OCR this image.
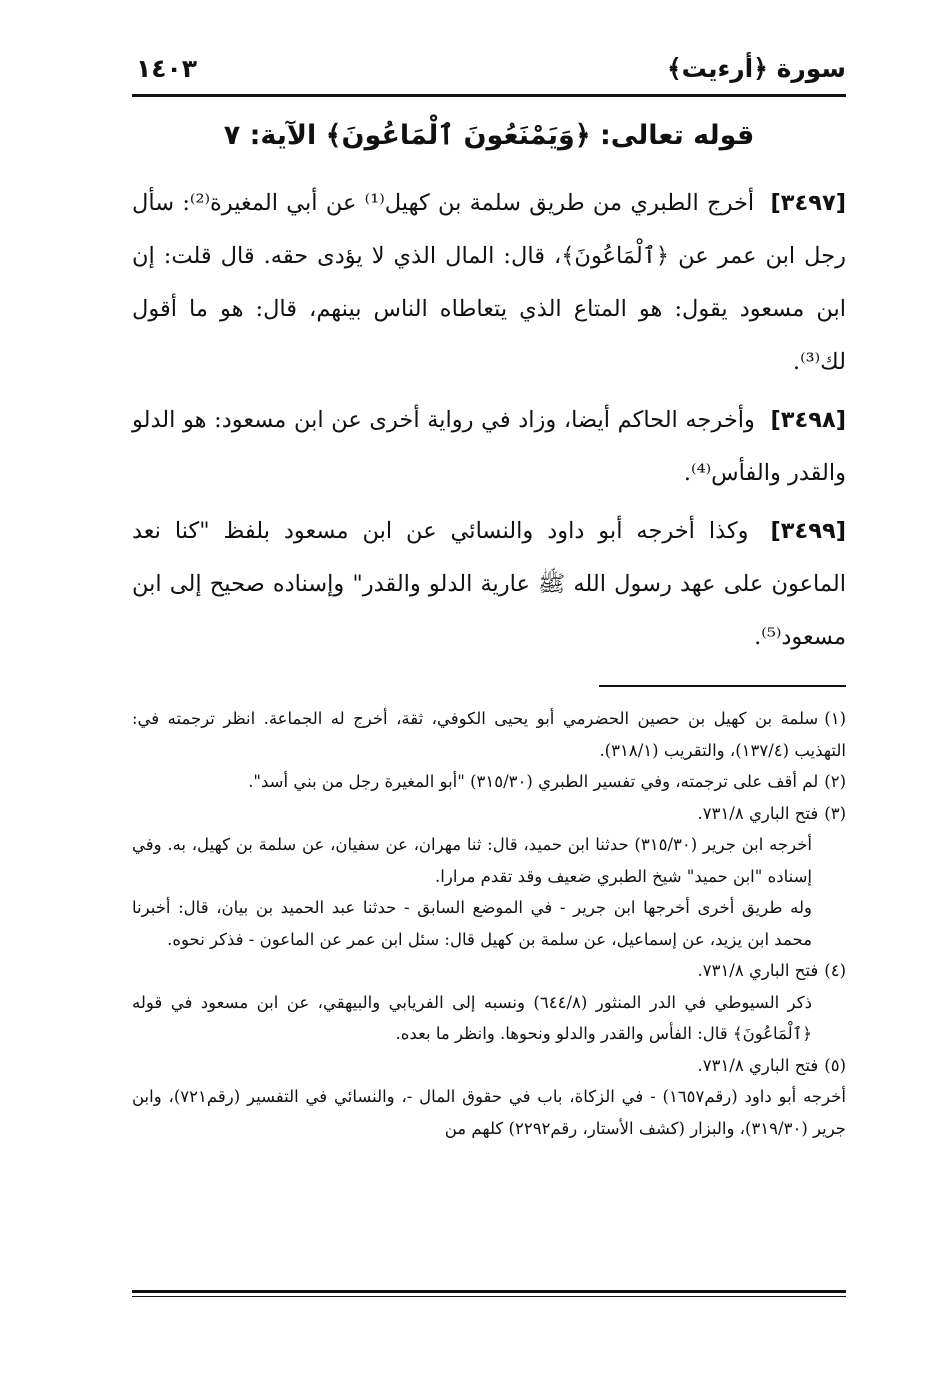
سورة ﴿أرءيت﴾
١٤٠٣
قوله تعالى: ﴿وَيَمْنَعُونَ ٱلْمَاعُونَ﴾ الآية: ٧

[٣٤٩٧] أخرج الطبري من طريق سلمة بن كهيل⁽¹⁾ عن أبي المغيرة⁽²⁾: سأل رجل ابن عمر عن ﴿ٱلْمَاعُونَ﴾، قال: المال الذي لا يؤدى حقه. قال قلت: إن ابن مسعود يقول: هو المتاع الذي يتعاطاه الناس بينهم، قال: هو ما أقول لك⁽³⁾.

[٣٤٩٨] وأخرجه الحاكم أيضا، وزاد في رواية أخرى عن ابن مسعود: هو الدلو والقدر والفأس⁽⁴⁾.

[٣٤٩٩] وكذا أخرجه أبو داود والنسائي عن ابن مسعود بلفظ "كنا نعد الماعون على عهد رسول الله ﷺ عارية الدلو والقدر" وإسناده صحيح إلى ابن مسعود⁽⁵⁾.

(١)سلمة بن كهيل بن حصين الحضرمي أبو يحيى الكوفي، ثقة، أخرج له الجماعة. انظر ترجمته في: التهذيب (١٣٧/٤)، والتقريب (٣١٨/١).

(٢)لم أقف على ترجمته، وفي تفسير الطبري (٣١٥/٣٠) "أبو المغيرة رجل من بني أسد".

(٣)فتح الباري ٧٣١/٨.

أخرجه ابن جرير (٣١٥/٣٠) حدثنا ابن حميد، قال: ثنا مهران، عن سفيان، عن سلمة بن كهيل، به. وفي إسناده "ابن حميد" شيخ الطبري ضعيف وقد تقدم مرارا.

وله طريق أخرى أخرجها ابن جرير - في الموضع السابق - حدثنا عبد الحميد بن بيان، قال: أخبرنا محمد ابن يزيد، عن إسماعيل، عن سلمة بن كهيل قال: سئل ابن عمر عن الماعون - فذكر نحوه.

(٤)فتح الباري ٧٣١/٨.

ذكر السيوطي في الدر المنثور (٦٤٤/٨) ونسبه إلى الفريابي والبيهقي، عن ابن مسعود في قوله ﴿ٱلْمَاعُونَ﴾ قال: الفأس والقدر والدلو ونحوها. وانظر ما بعده.

(٥)فتح الباري ٧٣١/٨.

أخرجه أبو داود (رقم١٦٥٧) - في الزكاة، باب في حقوق المال -، والنسائي في التفسير (رقم٧٢١)، وابن جرير (٣١٩/٣٠)، والبزار (كشف الأستار، رقم٢٢٩٢) كلهم من
